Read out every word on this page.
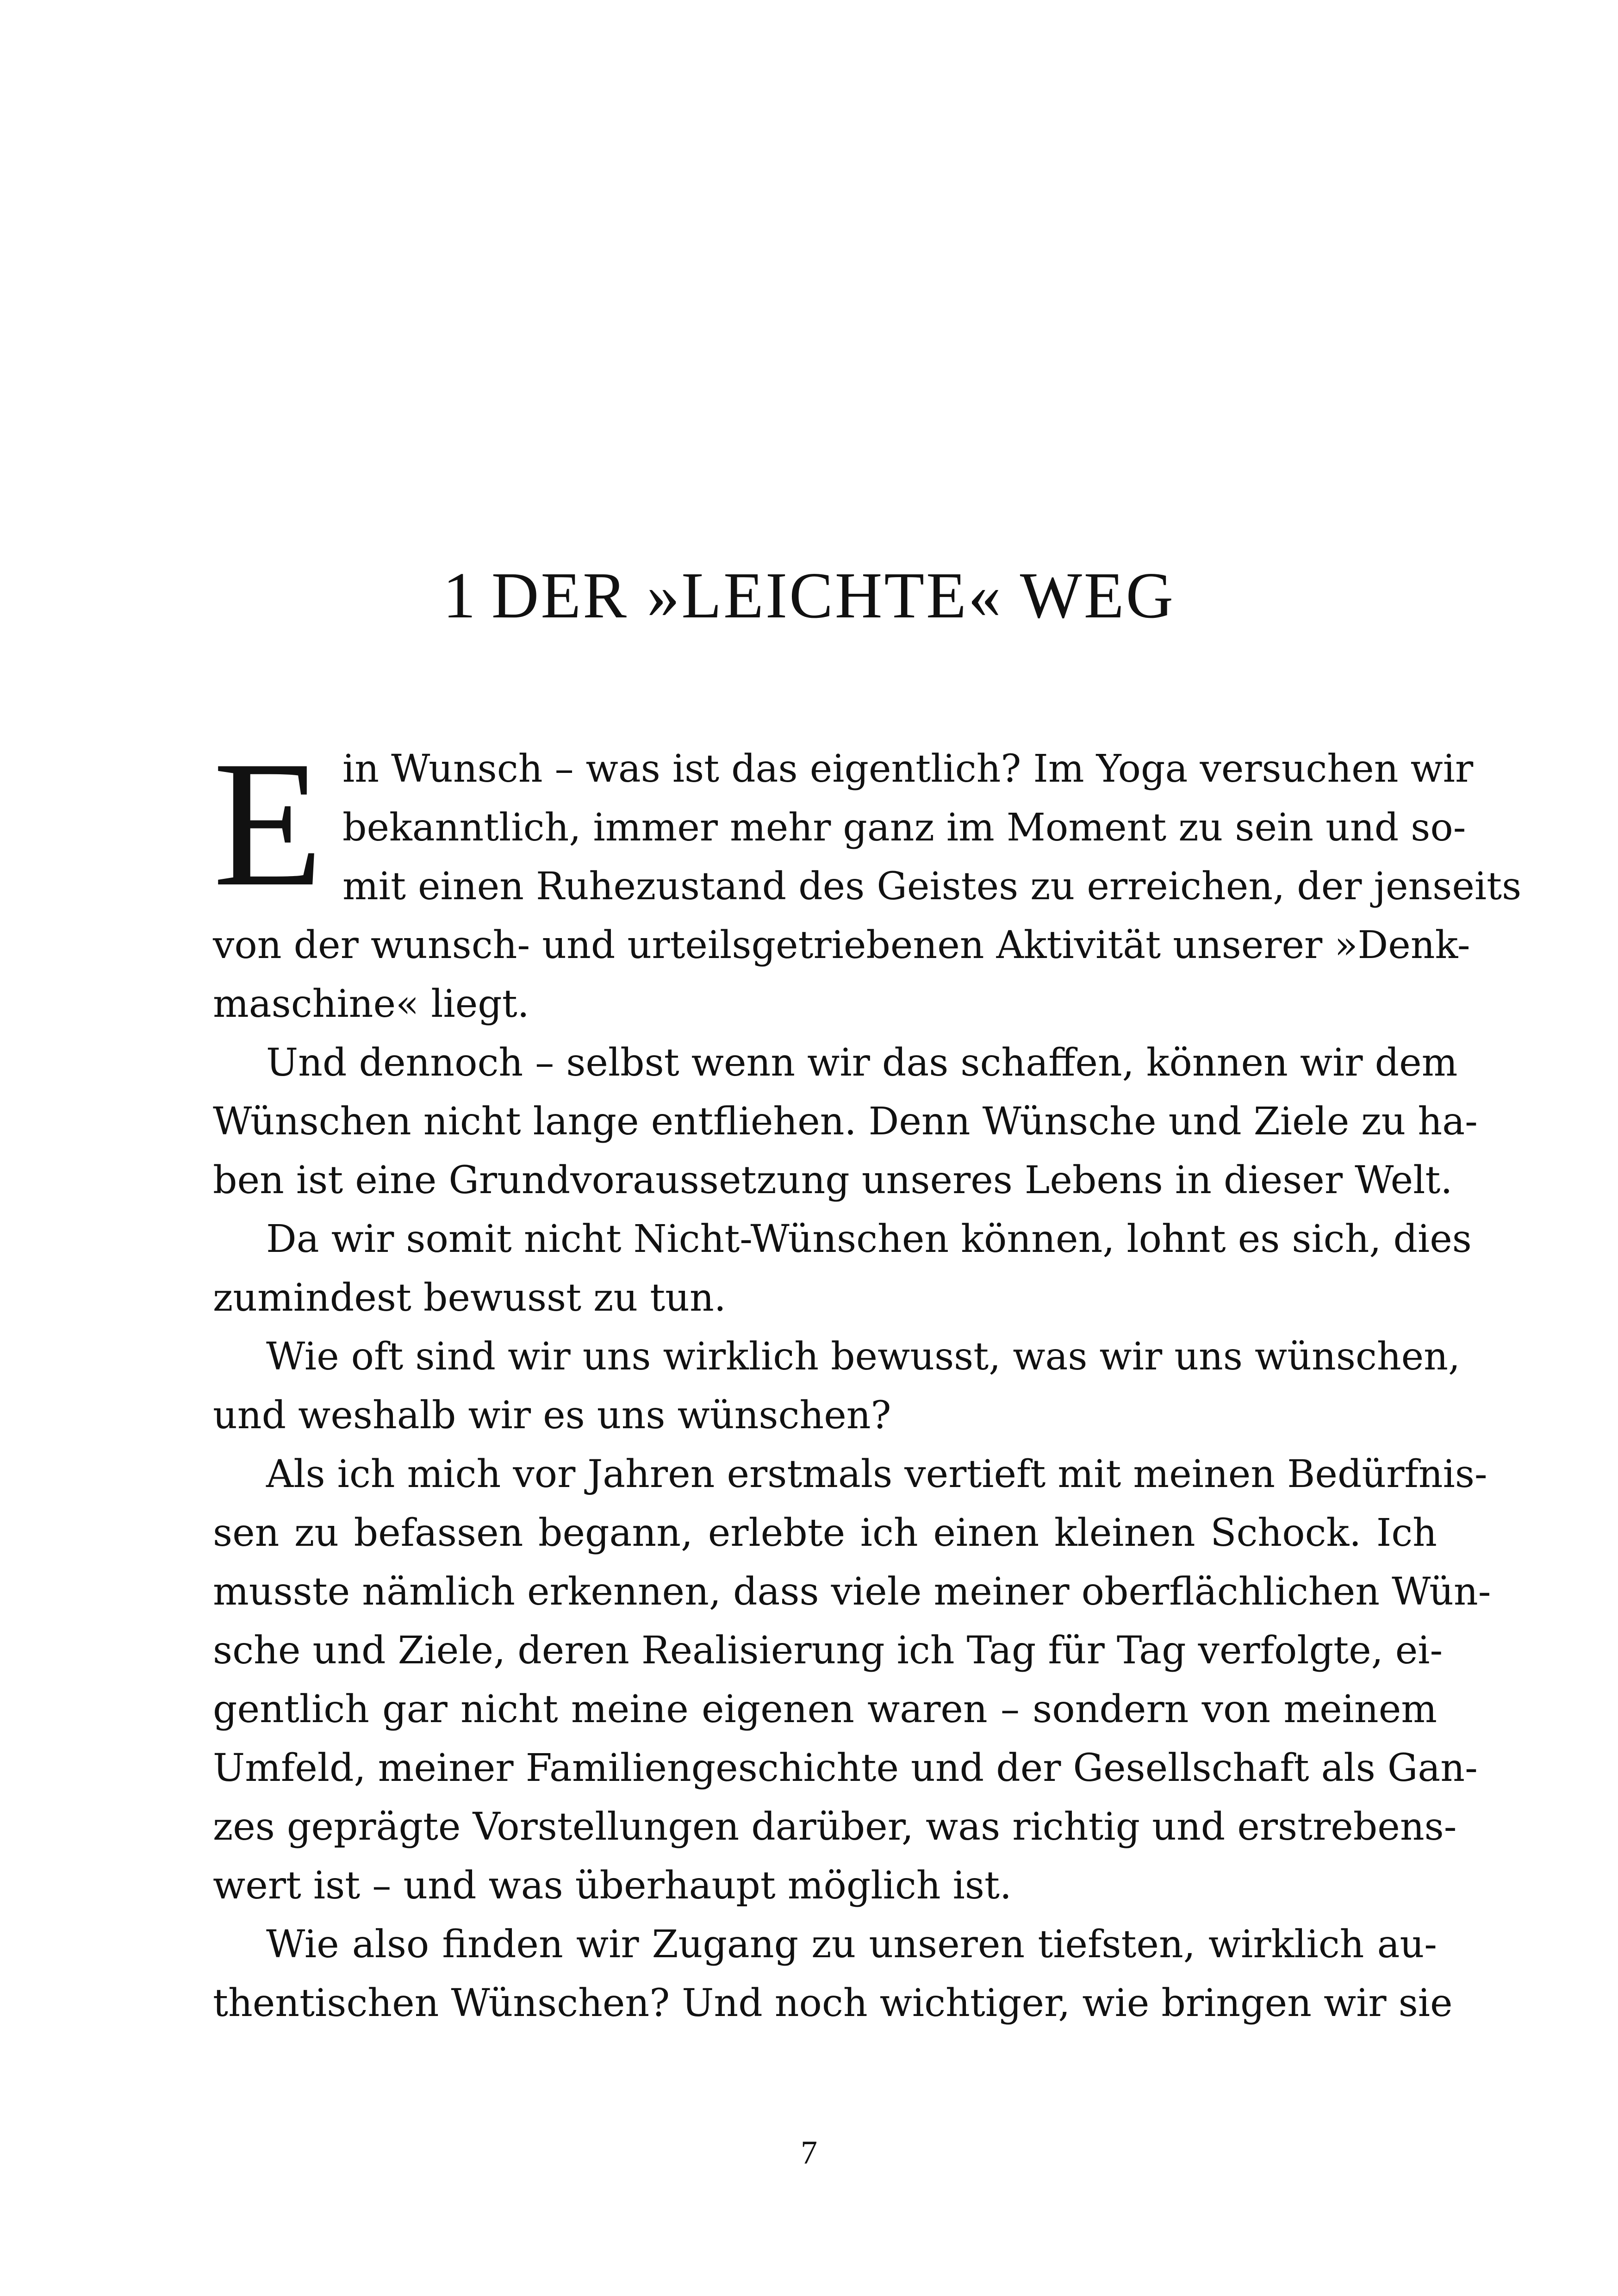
1 DER »LEICHTE« WEG
E in Wunsch – was ist das eigentlich? Im Yoga versuchen wir
bekanntlich, immer mehr ganz im Moment zu sein und so-
mit einen Ruhezustand des Geistes zu erreichen, der jenseits
von der wunsch- und urteilsgetriebenen Aktivität unserer »Denk-
maschine« liegt.
Und dennoch – selbst wenn wir das schaffen, können wir dem
Wünschen nicht lange entfliehen. Denn Wünsche und Ziele zu ha-
ben ist eine Grundvoraussetzung unseres Lebens in dieser Welt.
Da wir somit nicht Nicht-Wünschen können, lohnt es sich, dies
zumindest bewusst zu tun.
Wie oft sind wir uns wirklich bewusst, was wir uns wünschen,
und weshalb wir es uns wünschen?
Als ich mich vor Jahren erstmals vertieft mit meinen Bedürfnis-
sen zu befassen begann, erlebte ich einen kleinen Schock. Ich
musste nämlich erkennen, dass viele meiner oberflächlichen Wün-
sche und Ziele, deren Realisierung ich Tag für Tag verfolgte, ei-
gentlich gar nicht meine eigenen waren – sondern von meinem
Umfeld, meiner Familiengeschichte und der Gesellschaft als Gan-
zes geprägte Vorstellungen darüber, was richtig und erstrebens-
wert ist – und was überhaupt möglich ist.
Wie also finden wir Zugang zu unseren tiefsten, wirklich au-
thentischen Wünschen? Und noch wichtiger, wie bringen wir sie
7
